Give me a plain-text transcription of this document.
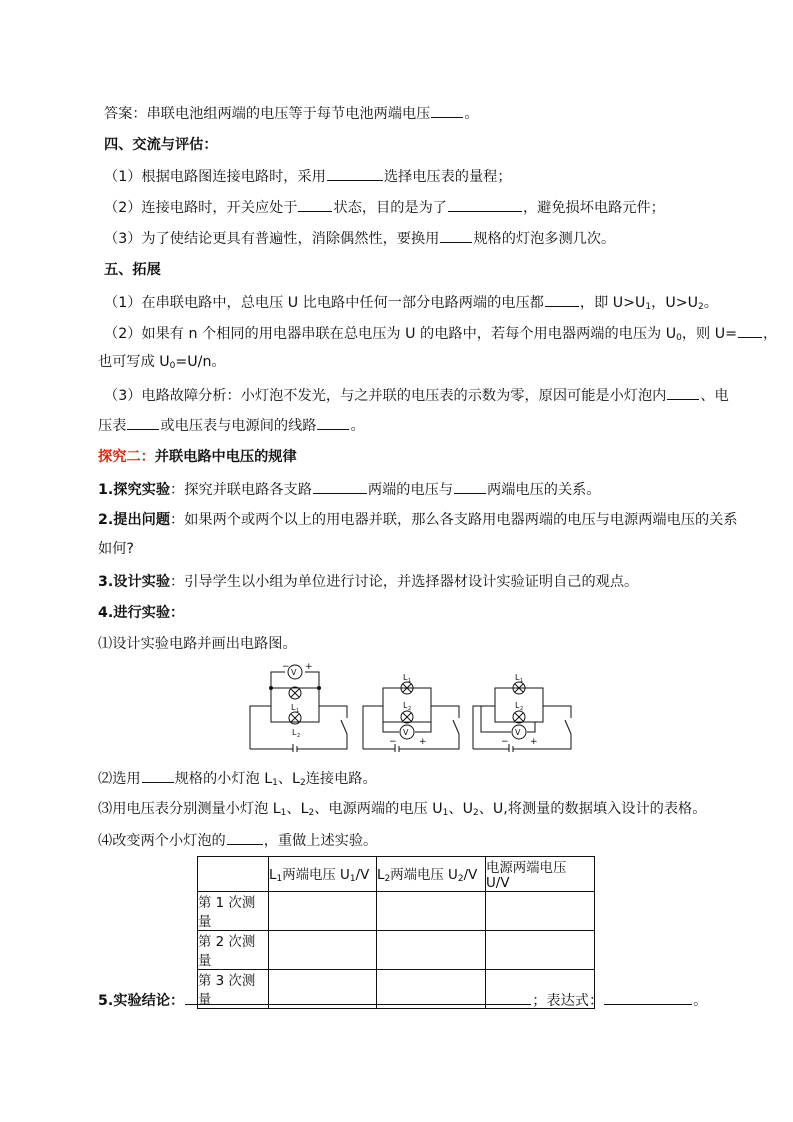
答案：串联电池组两端的电压等于每节电池两端电压 。
四、交流与评估：
（1）根据电路图连接电路时，采用	选择电压表的量程；
（2）连接电路时，开关应处于	状态，目的是为了	，避免损坏电路元件；
（3）为了使结论更具有普遍性，消除偶然性，要换用 规格的灯泡多测几次。
五、拓展
（1）在串联电路中，总电压 U 比电路中任何一部分电路两端的电压都	，即 $U>U_1$，$U>U_2$。
（2）如果有 n 个相同的用电器串联在总电压为 U 的电路中，若每个用电器两端的电压为 $U_0$，则 U= ，
也可写成 $U_0=U/n$。
（3）电路故障分析：小灯泡不发光，与之并联的电压表的示数为零，原因可能是小灯泡内 、电
压表 或电压表与电源间的线路 。
探究二：并联电路中电压的规律
1.探究实验：探究并联电路各支路	两端的电压与 两端电压的关系。
2.提出问题：如果两个或两个以上的用电器并联，那么各支路用电器两端的电压与电源两端电压的关系
如何?
3.设计实验：引导学生以小组为单位进行讨论，并选择器材设计实验证明自己的观点。
4.进行实验：
⑴设计实验电路并画出电路图。
− +
V
L 1
L 2
L 1
L 2
V
− +
L 1
L 2
V
− +
⑵选用 规格的小灯泡 $L_1$、$L_2$连接电路。
⑶用电压表分别测量小灯泡 $L_1$、$L_2$、电源两端的电压 $U_1$、$U_2$、U,将测量的数据填入设计的表格。
⑷改变两个小灯泡的	，重做上述实验。
	$L_1$两端电压 $U_1/V$	$L_2$两端电压 $U_2/V$	电源两端电压 U/V
第 1 次测量			
第 2 次测量			
第 3 次测量			
5.实验结论：	；表达式：	。
